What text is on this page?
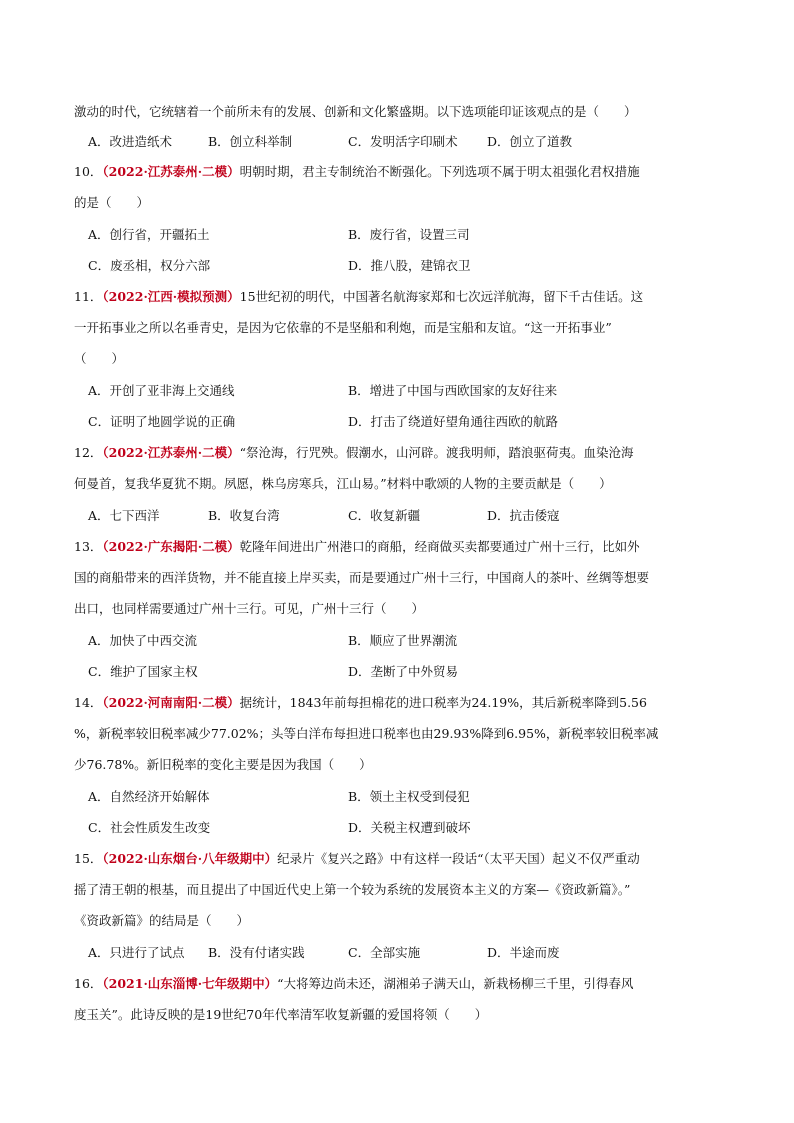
激动的时代，它统辖着一个前所未有的发展、创新和文化繁盛期。以下选项能印证该观点的是（　　）
A．改进造纸术	B．创立科举制	C．发明活字印刷术 D．创立了道教
10．（2022·江苏泰州·二模）明朝时期，君主专制统治不断强化。下列选项不属于明太祖强化君权措施
的是（　　）
A．创行省，开疆拓土	B．废行省，设置三司
C．废丞相，权分六部	D．推八股，建锦衣卫
11．（2022·江西·模拟预测）15世纪初的明代，中国著名航海家郑和七次远洋航海，留下千古佳话。这
一开拓事业之所以名垂青史，是因为它依靠的不是坚船和利炮，而是宝船和友谊。“这一开拓事业”
（　　）
A．开创了亚非海上交通线	B．增进了中国与西欧国家的友好往来
C．证明了地圆学说的正确	D．打击了绕道好望角通往西欧的航路
12．（2022·江苏泰州·二模）“祭沧海，行咒殃。假潮水，山河辟。渡我明师，踏浪驱荷夷。血染沧海
何曼首，复我华夏犹不期。夙愿，株乌房寒兵，江山易。”材料中歌颂的人物的主要贡献是（　　）
A．七下西洋	B．收复台湾	C．收复新疆	D．抗击倭寇
13．（2022·广东揭阳·二模）乾隆年间进出广州港口的商船，经商做买卖都要通过广州十三行，比如外
国的商船带来的西洋货物，并不能直接上岸买卖，而是要通过广州十三行，中国商人的茶叶、丝绸等想要
出口，也同样需要通过广州十三行。可见，广州十三行（　　）
A．加快了中西交流	B．顺应了世界潮流
C．维护了国家主权	D．垄断了中外贸易
14．（2022·河南南阳·二模）据统计，1843年前每担棉花的进口税率为24.19%，其后新税率降到5.56
%，新税率较旧税率减少77.02%；头等白洋布每担进口税率也由29.93%降到6.95%，新税率较旧税率减
少76.78%。新旧税率的变化主要是因为我国（　　）
A．自然经济开始解体	B．领土主权受到侵犯
C．社会性质发生改变	D．关税主权遭到破坏
15．（2022·山东烟台·八年级期中）纪录片《复兴之路》中有这样一段话“（太平天国）起义不仅严重动
摇了清王朝的根基，而且提出了中国近代史上第一个较为系统的发展资本主义的方案—《资政新篇》。”
《资政新篇》的结局是（　　）
A．只进行了试点 B．没有付诸实践	C．全部实施	D．半途而废
16．（2021·山东淄博·七年级期中）“大将筹边尚未还，湖湘弟子满天山，新栽杨柳三千里，引得春风
度玉关”。此诗反映的是19世纪70年代率清军收复新疆的爱国将领（　　）
